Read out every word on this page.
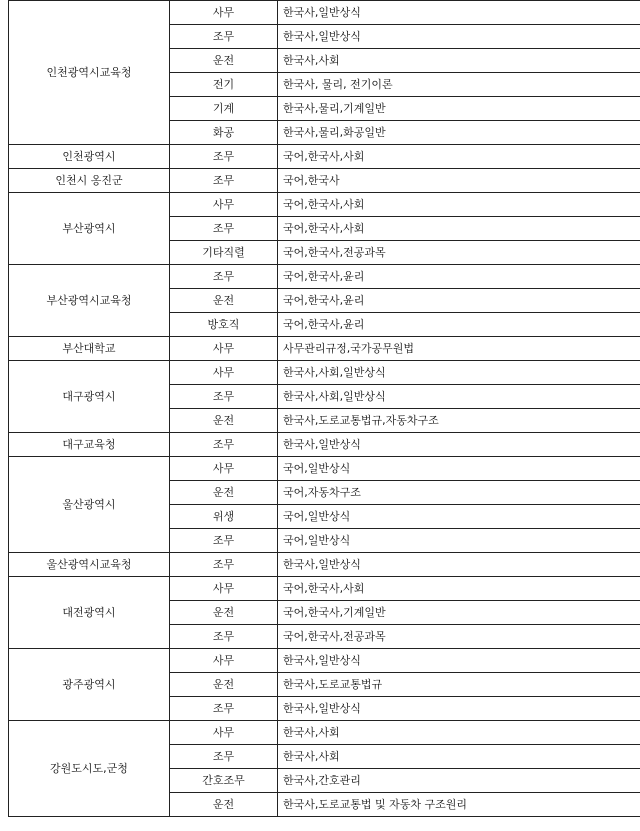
인천광역시교육청	사무	한국사,일반상식
	조무	한국사,일반상식
	운전	한국사,사회
	전기	한국사, 물리, 전기이론
	기계	한국사,물리,기계일반
	화공	한국사,물리,화공일반
인천광역시	조무	국어,한국사,사회
인천시 옹진군	조무	국어,한국사
부산광역시	사무	국어,한국사,사회
	조무	국어,한국사,사회
	기타직렬	국어,한국사,전공과목
부산광역시교육청	조무	국어,한국사,윤리
	운전	국어,한국사,윤리
	방호직	국어,한국사,윤리
부산대학교	사무	사무관리규정,국가공무원법
대구광역시	사무	한국사,사회,일반상식
	조무	한국사,사회,일반상식
	운전	한국사,도로교통법규,자동차구조
대구교육청	조무	한국사,일반상식
울산광역시	사무	국어,일반상식
	운전	국어,자동차구조
	위생	국어,일반상식
	조무	국어,일반상식
울산광역시교육청	조무	한국사,일반상식
대전광역시	사무	국어,한국사,사회
	운전	국어,한국사,기계일반
	조무	국어,한국사,전공과목
광주광역시	사무	한국사,일반상식
	운전	한국사,도로교통법규
	조무	한국사,일반상식
강원도시도,군청	사무	한국사,사회
	조무	한국사,사회
	간호조무	한국사,간호관리
	운전	한국사,도로교통법 및 자동차 구조원리
